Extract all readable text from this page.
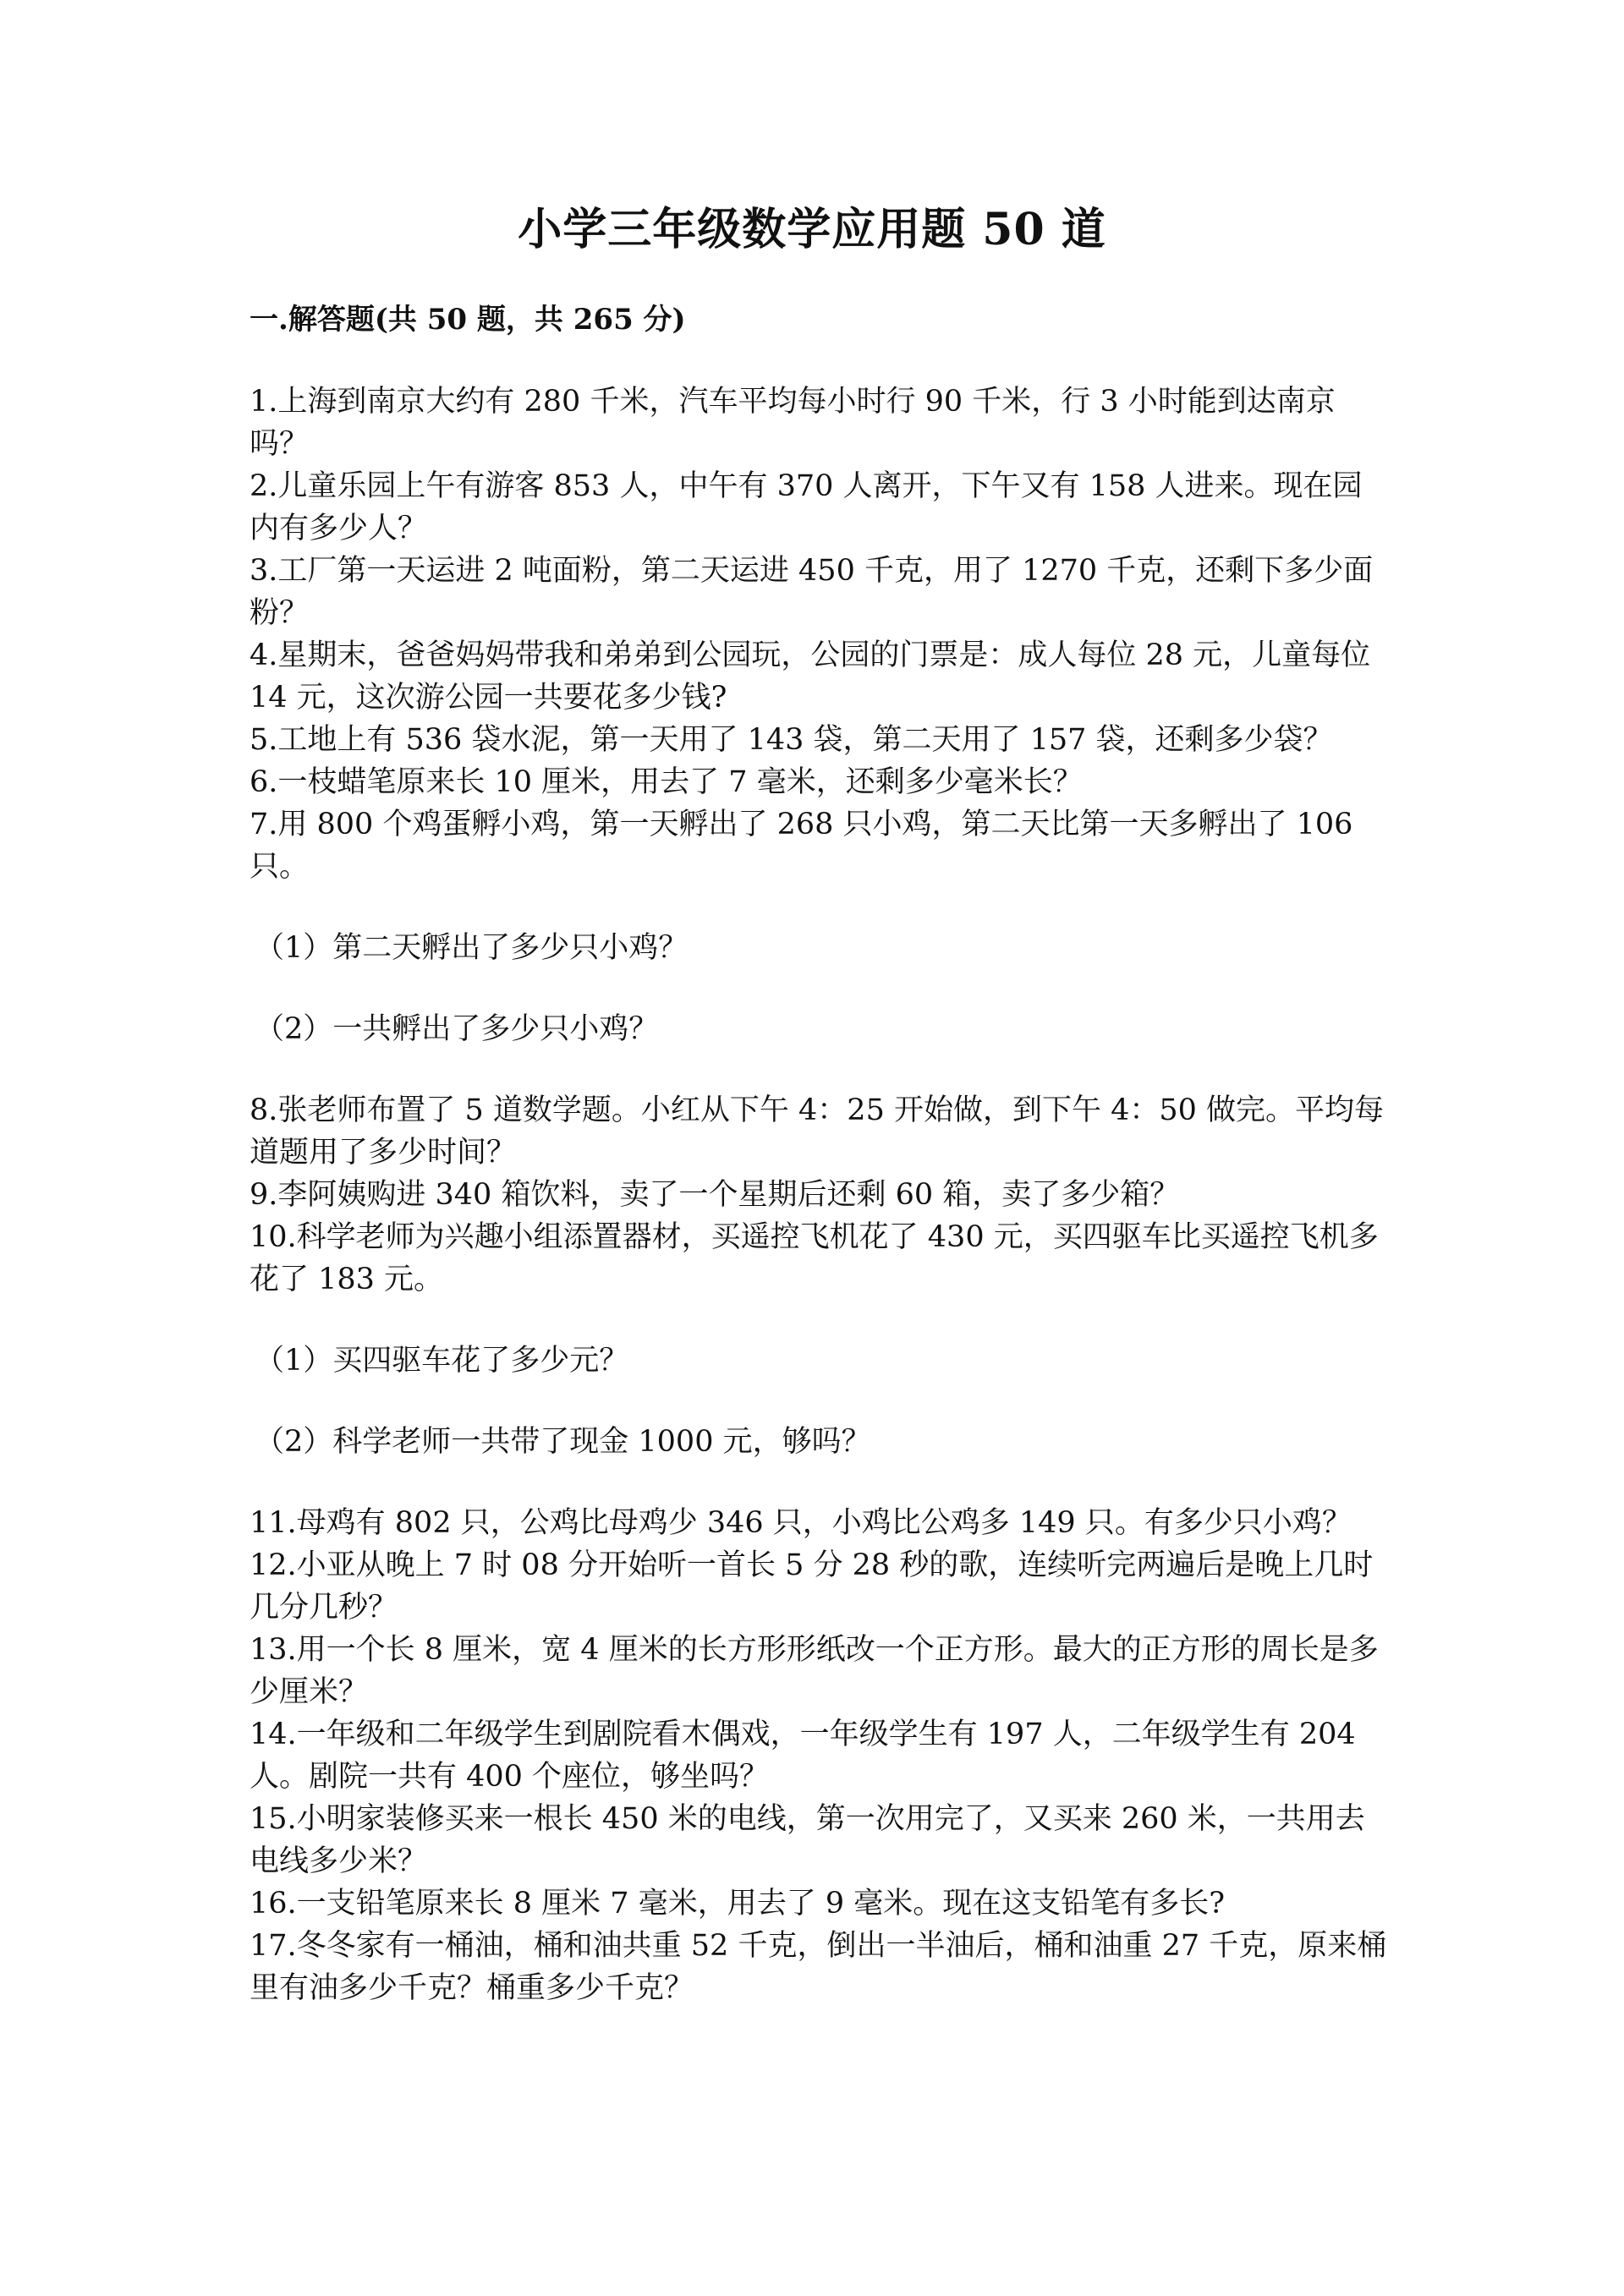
小学三年级数学应用题 50 道
一.解答题(共 50 题，共 265 分)

1.上海到南京大约有 280 千米，汽车平均每小时行 90 千米，行 3 小时能到达南京吗？

2.儿童乐园上午有游客 853 人，中午有 370 人离开，下午又有 158 人进来。现在园内有多少人？

3.工厂第一天运进 2 吨面粉，第二天运进 450 千克，用了 1270 千克，还剩下多少面粉？

4.星期末，爸爸妈妈带我和弟弟到公园玩，公园的门票是：成人每位 28 元，儿童每位 14 元，这次游公园一共要花多少钱?

5.工地上有 536 袋水泥，第一天用了 143 袋，第二天用了 157 袋，还剩多少袋？

6.一枝蜡笔原来长 10 厘米，用去了 7 毫米，还剩多少毫米长？

7.用 800 个鸡蛋孵小鸡，第一天孵出了 268 只小鸡，第二天比第一天多孵出了 106 只。

（1）第二天孵出了多少只小鸡？

（2）一共孵出了多少只小鸡？

8.张老师布置了 5 道数学题。小红从下午 4：25 开始做，到下午 4：50 做完。平均每道题用了多少时间？

9.李阿姨购进 340 箱饮料，卖了一个星期后还剩 60 箱，卖了多少箱？

10.科学老师为兴趣小组添置器材，买遥控飞机花了 430 元，买四驱车比买遥控飞机多花了 183 元。

（1）买四驱车花了多少元？

（2）科学老师一共带了现金 1000 元，够吗？

11.母鸡有 802 只，公鸡比母鸡少 346 只，小鸡比公鸡多 149 只。有多少只小鸡？

12.小亚从晚上 7 时 08 分开始听一首长 5 分 28 秒的歌，连续听完两遍后是晚上几时几分几秒？

13.用一个长 8 厘米，宽 4 厘米的长方形形纸改一个正方形。最大的正方形的周长是多少厘米？

14.一年级和二年级学生到剧院看木偶戏，一年级学生有 197 人，二年级学生有 204 人。剧院一共有 400 个座位，够坐吗？

15.小明家装修买来一根长 450 米的电线，第一次用完了，又买来 260 米，一共用去电线多少米？

16.一支铅笔原来长 8 厘米 7 毫米，用去了 9 毫米。现在这支铅笔有多长?

17.冬冬家有一桶油，桶和油共重 52 千克，倒出一半油后，桶和油重 27 千克，原来桶里有油多少千克？桶重多少千克？
